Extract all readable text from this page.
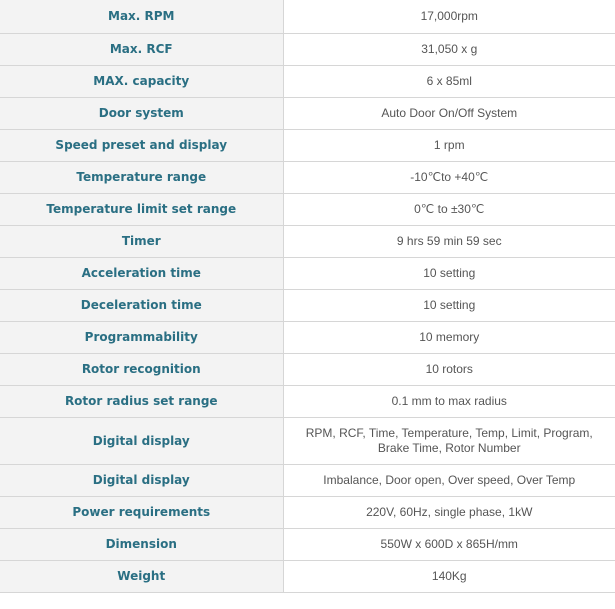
Max. RPM	17,000rpm
Max. RCF	31,050 x g
MAX. capacity	6 x 85ml
Door system	Auto Door On/Off System
Speed preset and display	1 rpm
Temperature range	-10℃to +40℃
Temperature limit set range	0℃ to ±30℃
Timer	9 hrs 59 min 59 sec
Acceleration time	10 setting
Deceleration time	10 setting
Programmability	10 memory
Rotor recognition	10 rotors
Rotor radius set range	0.1 mm to max radius
Digital display	RPM, RCF, Time, Temperature, Temp, Limit, Program,
Brake Time, Rotor Number

Digital display	Imbalance, Door open, Over speed, Over Temp
Power requirements	220V, 60Hz, single phase, 1kW
Dimension	550W x 600D x 865H/mm
Weight	140Kg
